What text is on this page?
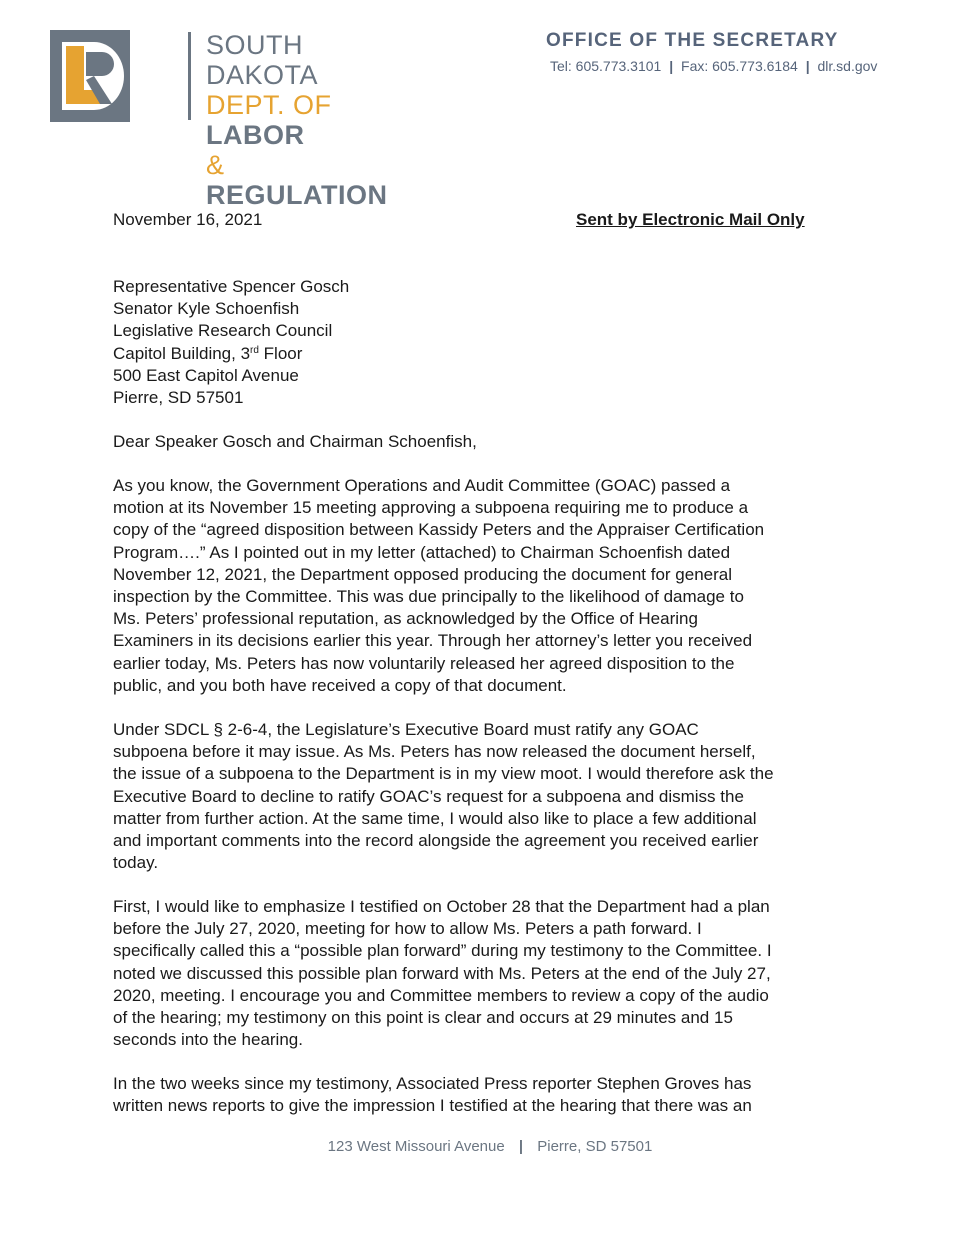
SOUTH DAKOTA
DEPT. OF LABOR
& REGULATION
OFFICE OF THE SECRETARY
Tel: 605.773.3101 | Fax: 605.773.6184 | dlr.sd.gov
November 16, 2021	Sent by Electronic Mail Only
Representative Spencer Gosch
Senator Kyle Schoenfish
Legislative Research Council
Capitol Building, 3rd Floor
500 East Capitol Avenue
Pierre, SD 57501
Dear Speaker Gosch and Chairman Schoenfish,
As you know, the Government Operations and Audit Committee (GOAC) passed a
motion at its November 15 meeting approving a subpoena requiring me to produce a
copy of the “agreed disposition between Kassidy Peters and the Appraiser Certification
Program….” As I pointed out in my letter (attached) to Chairman Schoenfish dated
November 12, 2021, the Department opposed producing the document for general
inspection by the Committee. This was due principally to the likelihood of damage to
Ms. Peters’ professional reputation, as acknowledged by the Office of Hearing
Examiners in its decisions earlier this year. Through her attorney’s letter you received
earlier today, Ms. Peters has now voluntarily released her agreed disposition to the
public, and you both have received a copy of that document.
Under SDCL § 2-6-4, the Legislature’s Executive Board must ratify any GOAC
subpoena before it may issue. As Ms. Peters has now released the document herself,
the issue of a subpoena to the Department is in my view moot. I would therefore ask the
Executive Board to decline to ratify GOAC’s request for a subpoena and dismiss the
matter from further action. At the same time, I would also like to place a few additional
and important comments into the record alongside the agreement you received earlier
today.
First, I would like to emphasize I testified on October 28 that the Department had a plan
before the July 27, 2020, meeting for how to allow Ms. Peters a path forward. I
specifically called this a “possible plan forward” during my testimony to the Committee. I
noted we discussed this possible plan forward with Ms. Peters at the end of the July 27,
2020, meeting. I encourage you and Committee members to review a copy of the audio
of the hearing; my testimony on this point is clear and occurs at 29 minutes and 15
seconds into the hearing.
In the two weeks since my testimony, Associated Press reporter Stephen Groves has
written news reports to give the impression I testified at the hearing that there was an
123 West Missouri Avenue | Pierre, SD 57501
